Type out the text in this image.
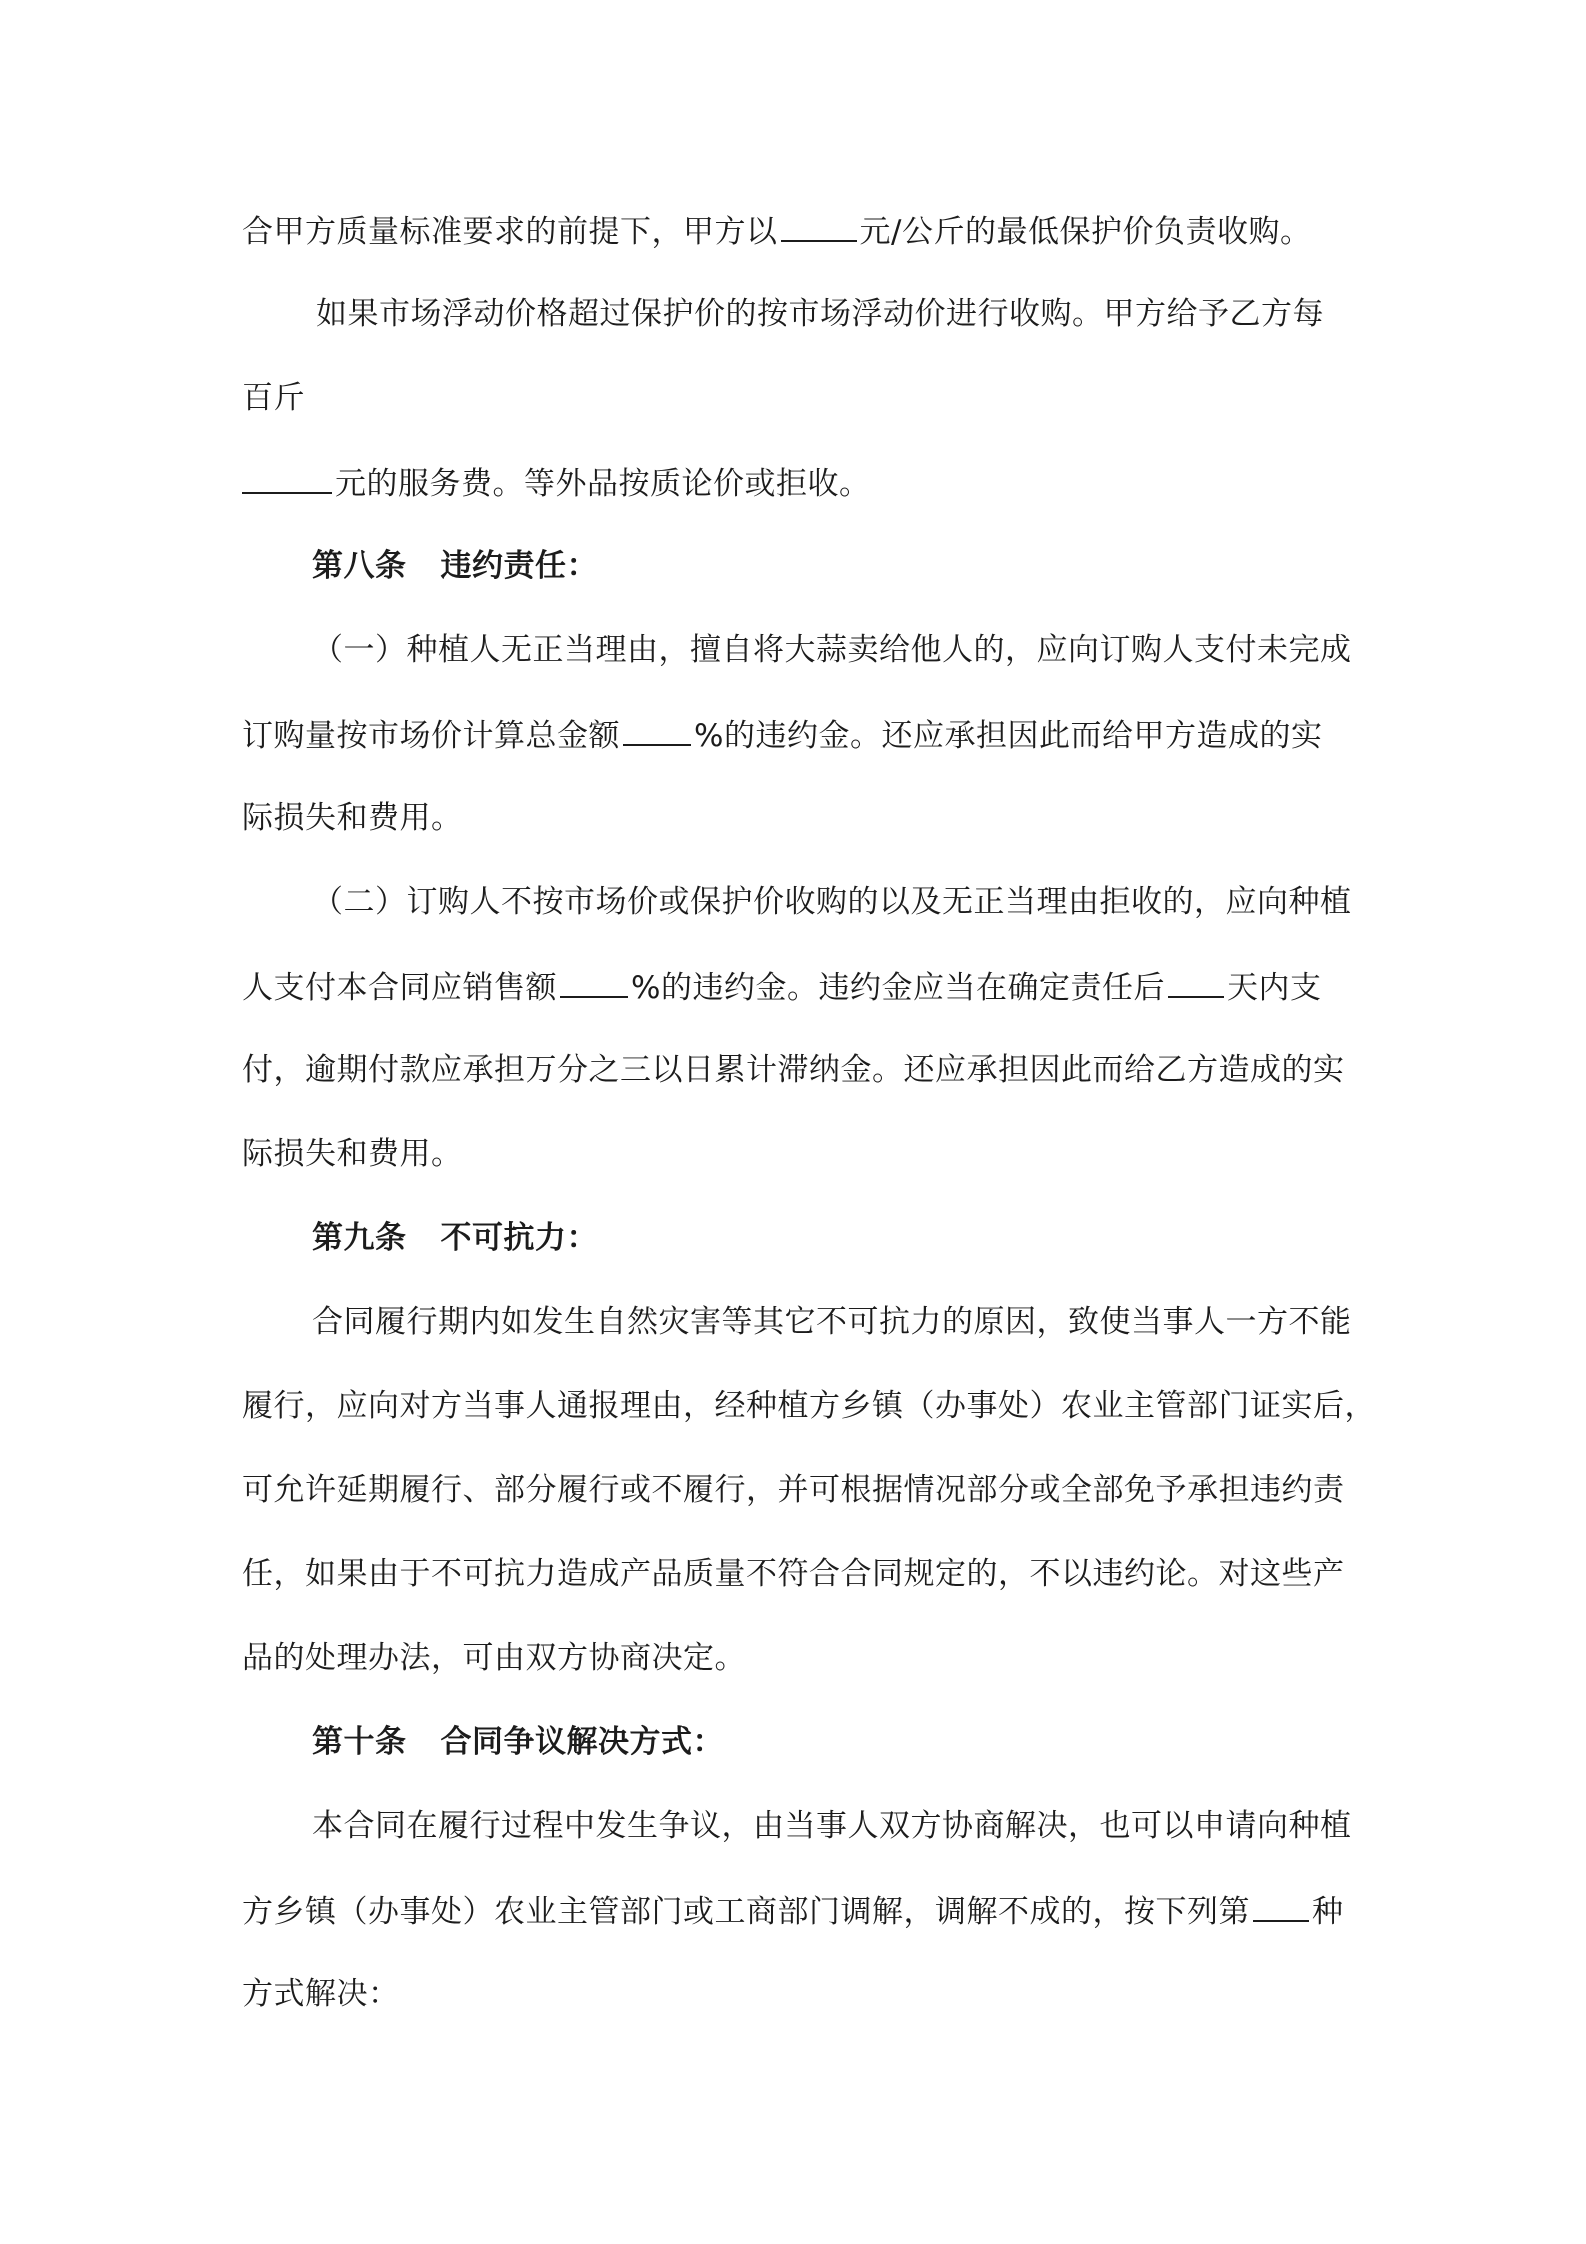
合甲方质量标准要求的前提下，甲方以	元/公斤的最低保护价负责收购。
如果市场浮动价格超过保护价的按市场浮动价进行收购。甲方给予乙方每
百斤
元的服务费。等外品按质论价或拒收。
第八条 违约责任：
（一）种植人无正当理由，擅自将大蒜卖给他人的，应向订购人支付未完成
订购量按市场价计算总金额 %的违约金。还应承担因此而给甲方造成的实
际损失和费用。
（二）订购人不按市场价或保护价收购的以及无正当理由拒收的，应向种植
人支付本合同应销售额 %的违约金。违约金应当在确定责任后 天内支
付，逾期付款应承担万分之三以日累计滞纳金。还应承担因此而给乙方造成的实
际损失和费用。
第九条 不可抗力：
合同履行期内如发生自然灾害等其它不可抗力的原因，致使当事人一方不能
履行，应向对方当事人通报理由，经种植方乡镇（办事处）农业主管部门证实后，
可允许延期履行、部分履行或不履行，并可根据情况部分或全部免予承担违约责
任，如果由于不可抗力造成产品质量不符合合同规定的，不以违约论。对这些产
品的处理办法，可由双方协商决定。
第十条 合同争议解决方式：
本合同在履行过程中发生争议，由当事人双方协商解决，也可以申请向种植
方乡镇（办事处）农业主管部门或工商部门调解，调解不成的，按下列第 种
方式解决：
